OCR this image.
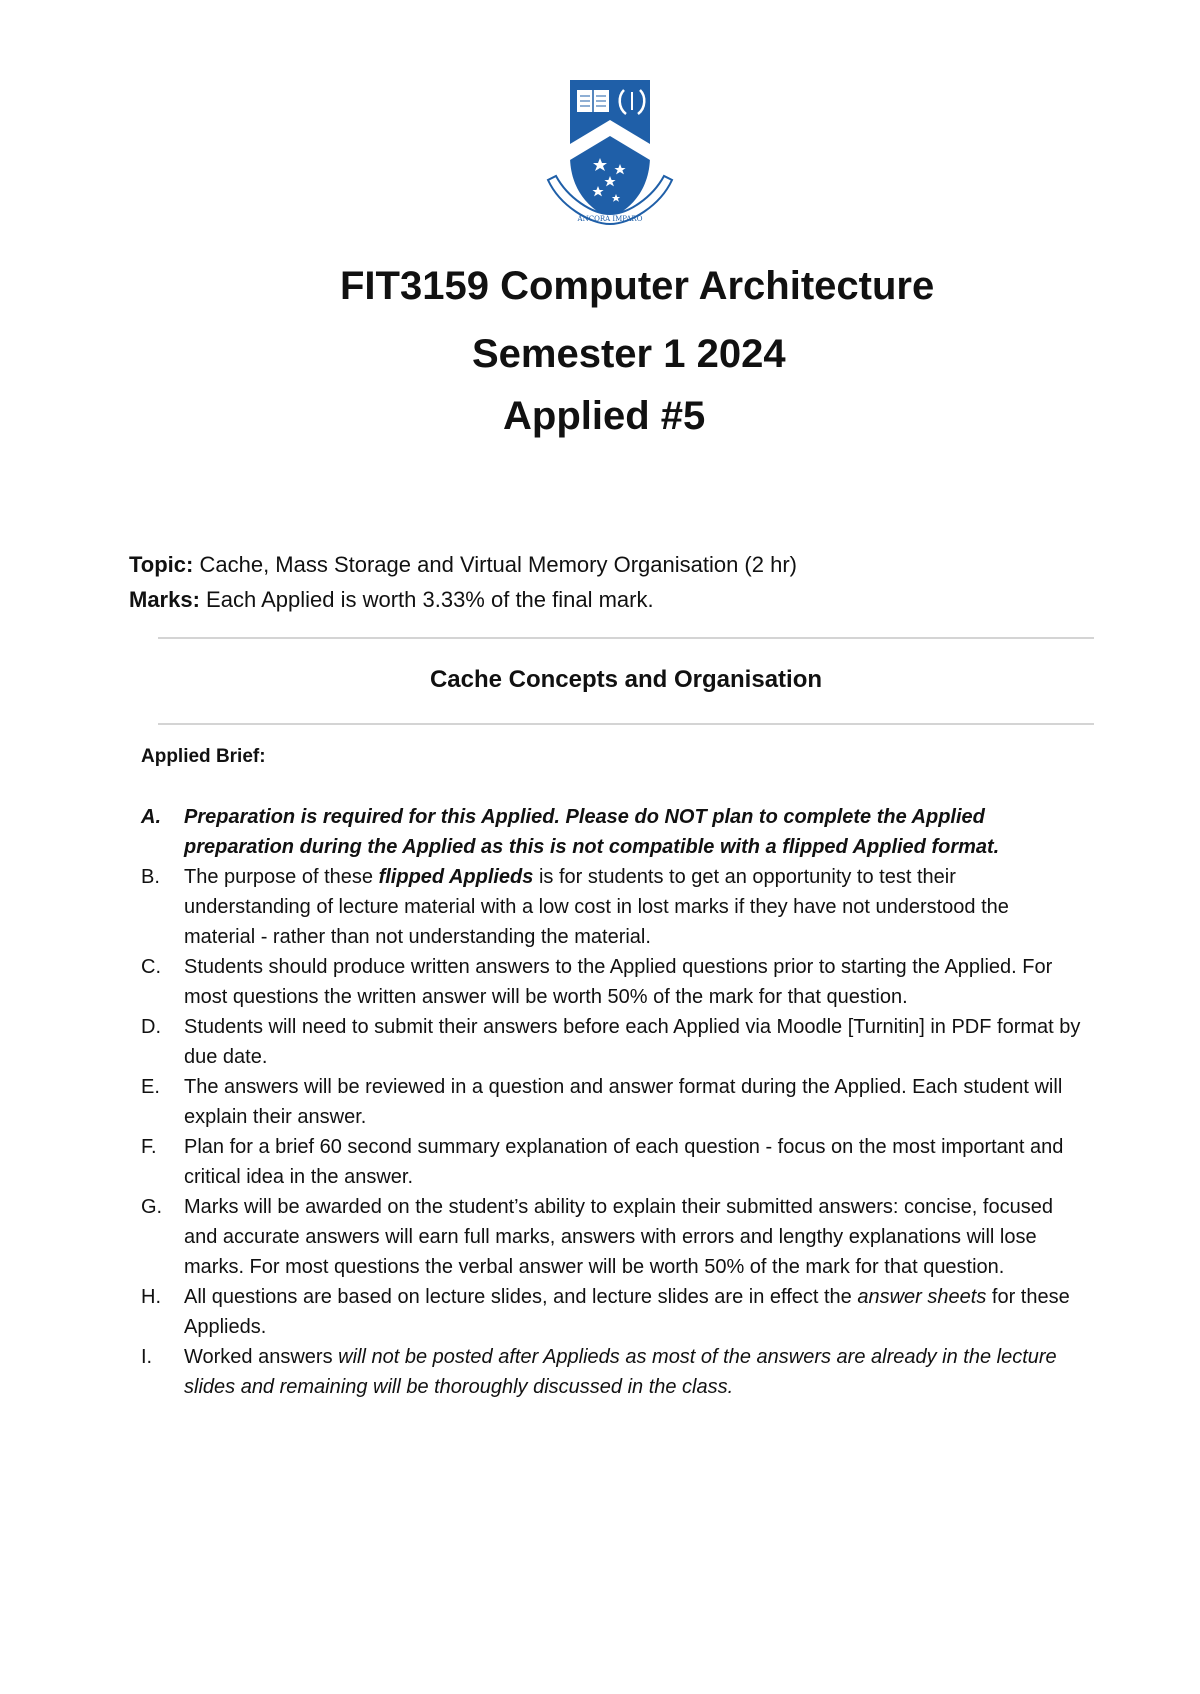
ANCORA IMPARO
FIT3159 Computer Architecture
Semester 1 2024
Applied #5
Topic: Cache, Mass Storage and Virtual Memory Organisation (2 hr)
Marks: Each Applied is worth 3.33% of the final mark.
Cache Concepts and Organisation
Applied Brief:
A. Preparation is required for this Applied. Please do NOT plan to complete the Applied preparation during the Applied as this is not compatible with a flipped Applied format.
B. The purpose of these flipped Applieds is for students to get an opportunity to test their understanding of lecture material with a low cost in lost marks if they have not understood the material - rather than not understanding the material.
C. Students should produce written answers to the Applied questions prior to starting the Applied. For most questions the written answer will be worth 50% of the mark for that question.
D. Students will need to submit their answers before each Applied via Moodle [Turnitin] in PDF format by due date.
E. The answers will be reviewed in a question and answer format during the Applied. Each student will explain their answer.
F. Plan for a brief 60 second summary explanation of each question - focus on the most important and critical idea in the answer.
G. Marks will be awarded on the student’s ability to explain their submitted answers: concise, focused and accurate answers will earn full marks, answers with errors and lengthy explanations will lose marks. For most questions the verbal answer will be worth 50% of the mark for that question.
H. All questions are based on lecture slides, and lecture slides are in effect the answer sheets for these Applieds.
I. Worked answers will not be posted after Applieds as most of the answers are already in the lecture slides and remaining will be thoroughly discussed in the class.
